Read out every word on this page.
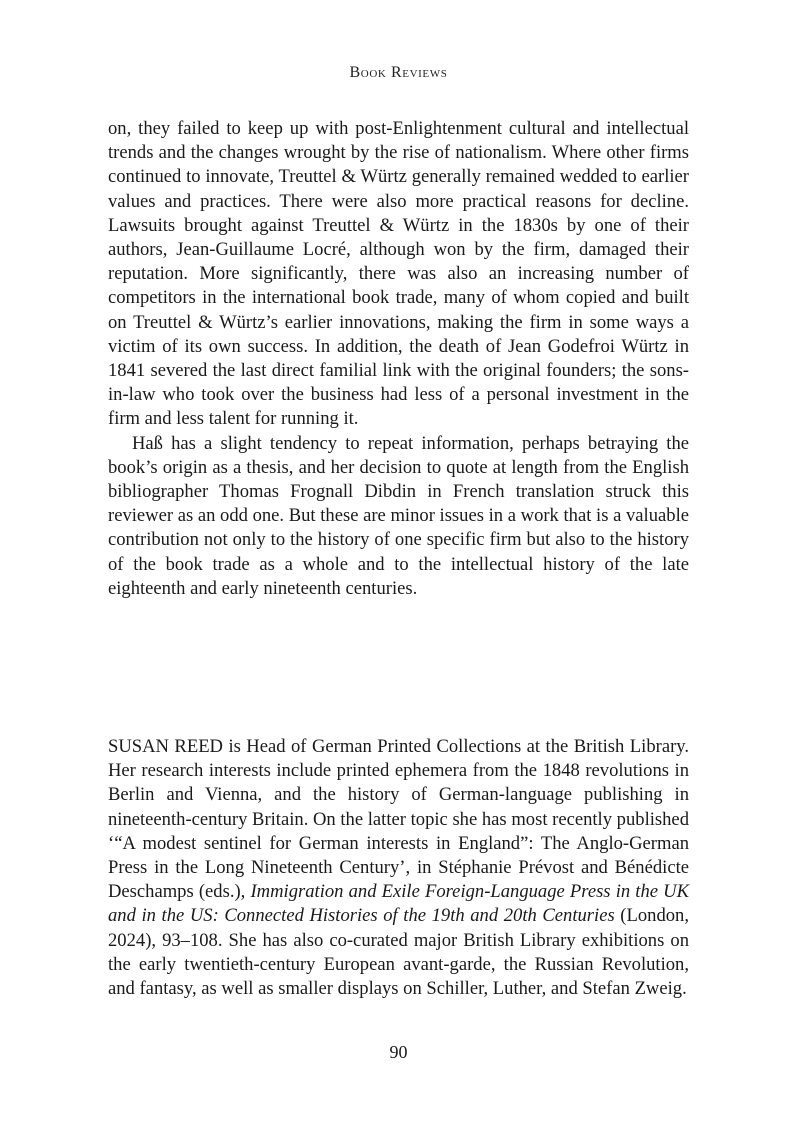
Book Reviews

on, they failed to keep up with post-Enlightenment cultural and intellectual trends and the changes wrought by the rise of nationalism. Where other firms continued to innovate, Treuttel & Würtz generally remained wedded to earlier values and practices. There were also more practical reasons for decline. Lawsuits brought against Treuttel & Würtz in the 1830s by one of their authors, Jean-Guillaume Locré, although won by the firm, damaged their reputation. More significantly, there was also an increasing number of competitors in the international book trade, many of whom copied and built on Treuttel & Würtz’s earlier innovations, making the firm in some ways a victim of its own success. In addition, the death of Jean Godefroi Würtz in 1841 severed the last direct familial link with the original founders; the sons-in-law who took over the business had less of a personal investment in the firm and less talent for running it.

Haß has a slight tendency to repeat information, perhaps betraying the book’s origin as a thesis, and her decision to quote at length from the English bibliographer Thomas Frognall Dibdin in French translation struck this reviewer as an odd one. But these are minor issues in a work that is a valuable contribution not only to the history of one specific firm but also to the history of the book trade as a whole and to the intellectual history of the late eighteenth and early nineteenth centuries.

SUSAN REED is Head of German Printed Collections at the British Library. Her research interests include printed ephemera from the 1848 revolutions in Berlin and Vienna, and the history of German-language publishing in nineteenth-century Britain. On the latter topic she has most recently published ‘“A modest sentinel for German interests in England”: The Anglo-German Press in the Long Nineteenth Century’, in Stéphanie Prévost and Bénédicte Deschamps (eds.), Immigration and Exile Foreign-Language Press in the UK and in the US: Connected Histories of the 19th and 20th Centuries (London, 2024), 93–108. She has also co-curated major British Library exhibitions on the early twentieth-century European avant-garde, the Russian Revolution, and fantasy, as well as smaller displays on Schiller, Luther, and Stefan Zweig.

90
